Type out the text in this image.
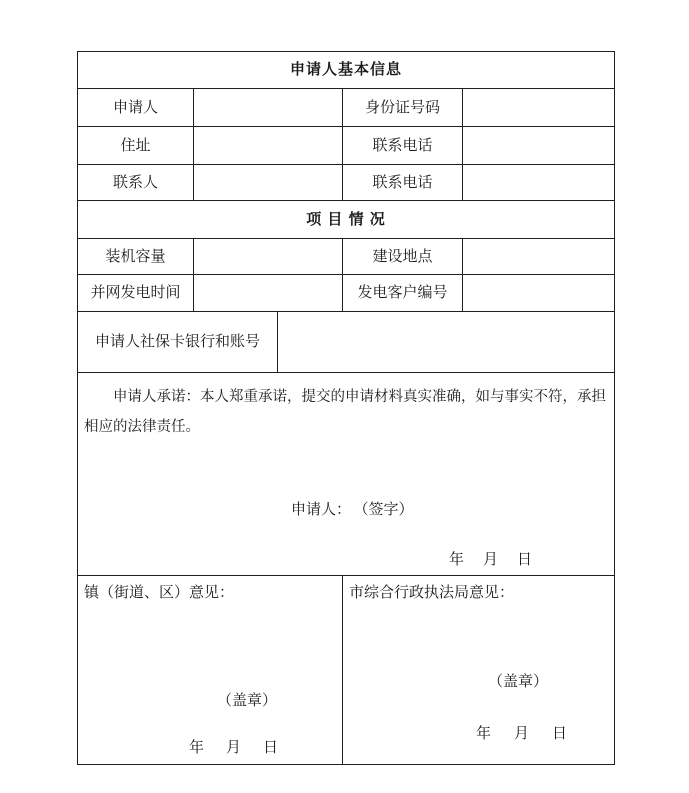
申请人基本信息
申请人	身份证号码
住址	联系电话
联系人	联系电话
项 目 情 况
装机容量	建设地点
并网发电时间	发电客户编号
申请人社保卡银行和账号

申请人承诺：本人郑重承诺，提交的申请材料真实准确，如与事实不符，承担相应的法律责任。

申请人： （签字）
年 月 日
镇（街道、区）意见：
（盖章）
年 月 日
市综合行政执法局意见：
（盖章）
年 月 日
